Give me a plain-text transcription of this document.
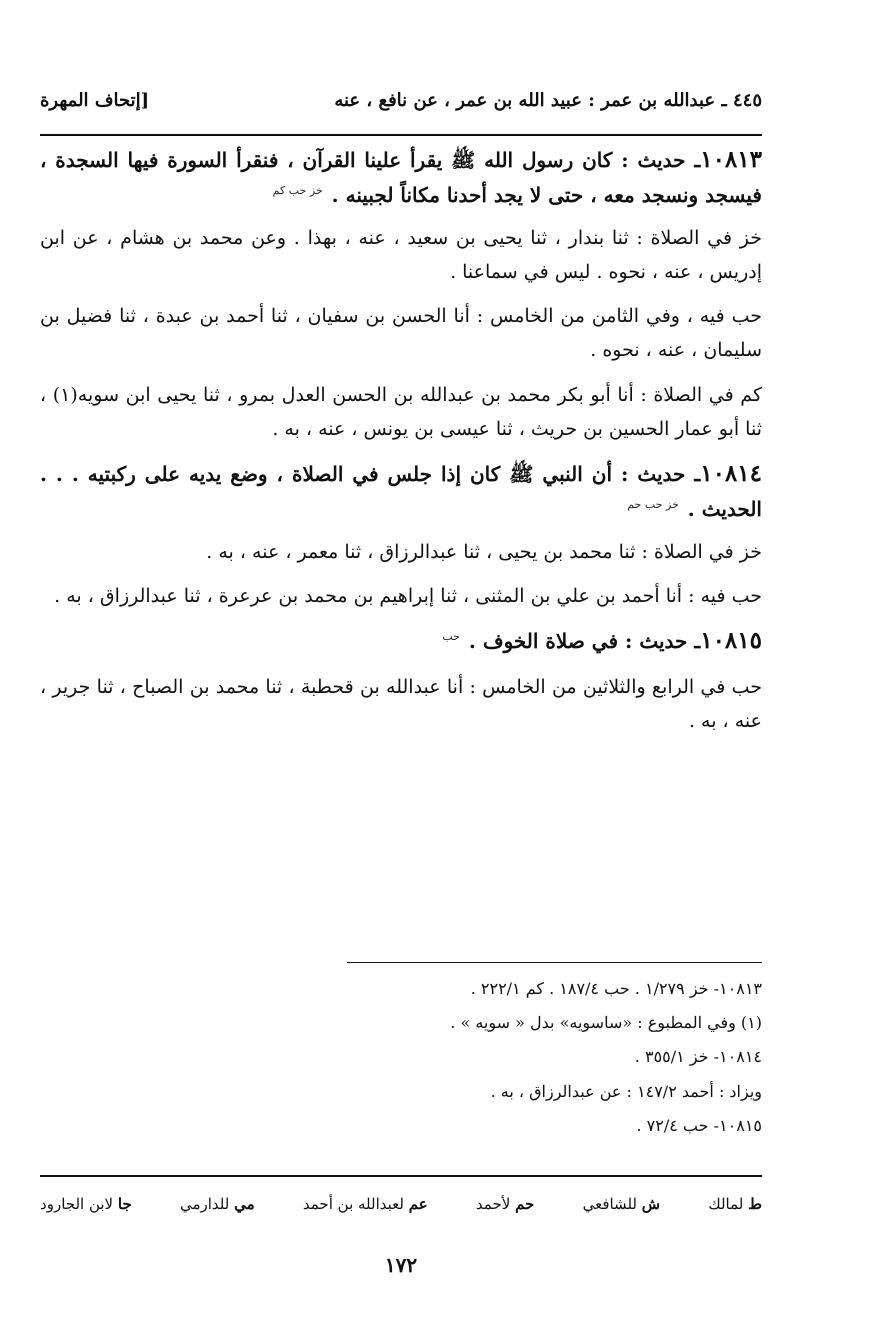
٤٤٥ ـ عبدالله بن عمر : عبيد الله بن عمر ، عن نافع ، عنه
[إتحاف المهرة
١٠٨١٣ـ حديث : كان رسول الله ﷺ يقرأ علينا القرآن ، فنقرأ السورة فيها السجدة ، فيسجد ونسجد معه ، حتى لا يجد أحدنا مكاناً لجبينه . $^{خز حب كم}$

خز في الصلاة : ثنا بندار ، ثنا يحيى بن سعيد ، عنه ، بهذا . وعن محمد بن هشام ، عن ابن إدريس ، عنه ، نحوه . ليس في سماعنا .

حب فيه ، وفي الثامن من الخامس : أنا الحسن بن سفيان ، ثنا أحمد بن عبدة ، ثنا فضيل بن سليمان ، عنه ، نحوه .

كم في الصلاة : أنا أبو بكر محمد بن عبدالله بن الحسن العدل بمرو ، ثنا يحيى ابن سويه(١) ، ثنا أبو عمار الحسين بن حريث ، ثنا عيسى بن يونس ، عنه ، به .

١٠٨١٤ـ حديث : أن النبي ﷺ كان إذا جلس في الصلاة ، وضع يديه على ركبتيه . . . الحديث . $^{خز حب حم}$

خز في الصلاة : ثنا محمد بن يحيى ، ثنا عبدالرزاق ، ثنا معمر ، عنه ، به .

حب فيه : أنا أحمد بن علي بن المثنى ، ثنا إبراهيم بن محمد بن عرعرة ، ثنا عبدالرزاق ، به .

١٠٨١٥ـ حديث : في صلاة الخوف . $^{حب}$

حب في الرابع والثلاثين من الخامس : أنا عبدالله بن قحطبة ، ثنا محمد بن الصباح ، ثنا جرير ، عنه ، به .

١٠٨١٣- خز ١/٢٧٩ . حب ١٨٧/٤ . كم ٢٢٢/١ .

(١) وفي المطبوع : «ساسويه» بدل « سويه » .

١٠٨١٤- خز ٣٥٥/١ .

ويزاد : أحمد ١٤٧/٢ : عن عبدالرزاق ، به .

١٠٨١٥- حب ٧٢/٤ .

ط لمالك
ش للشافعي
حم لأحمد
عم لعبدالله بن أحمد
مي للدارمي
جا لابن الجارود
١٧٢
